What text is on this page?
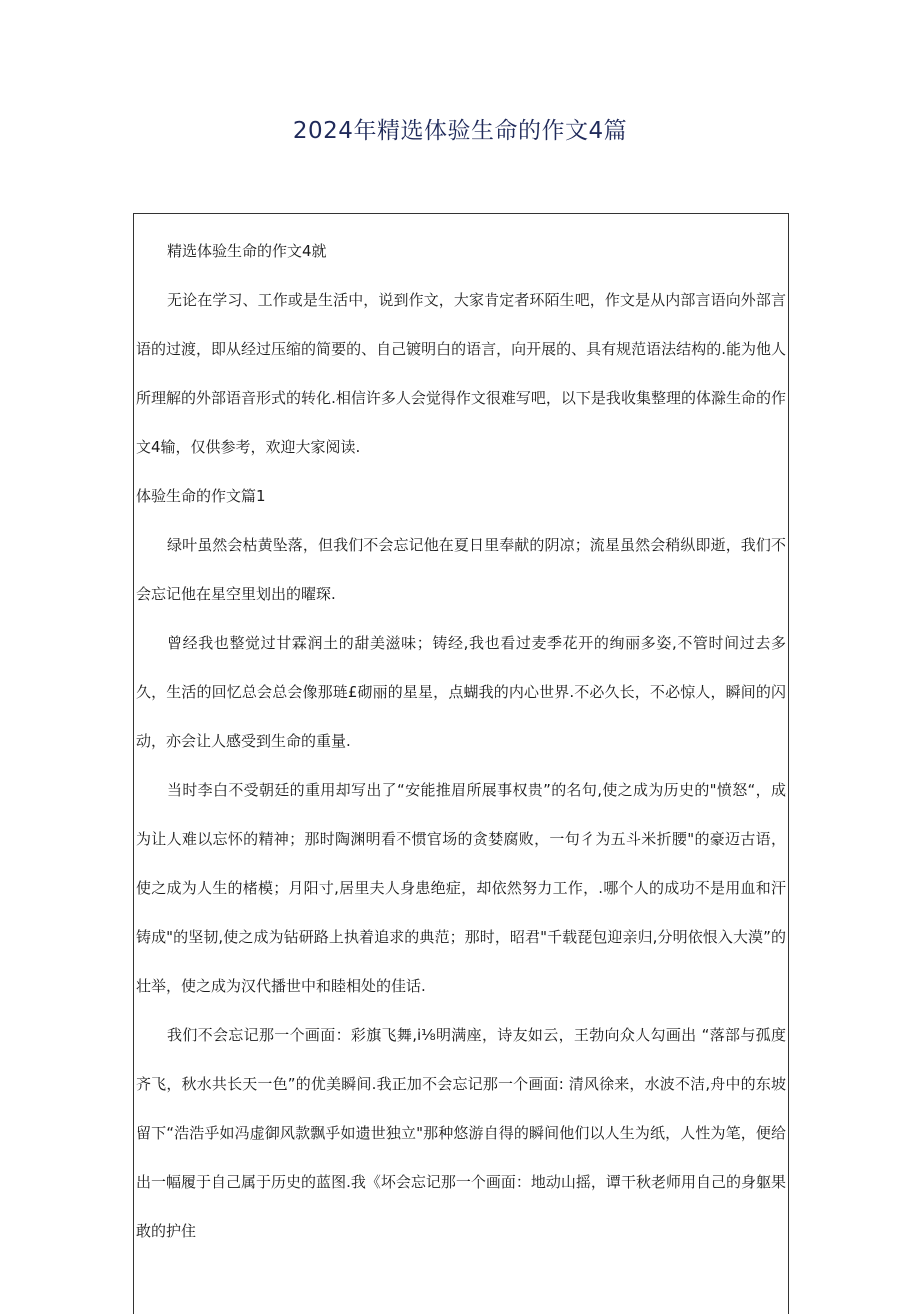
2024年精选体验生命的作文4篇

精选体验生命的作文4就

无论在学习、工作或是生活中，说到作文，大家肯定者环陌生吧，作文是从内部言语向外部言语的过渡，即从经过压缩的简要的、自己镀明白的语言，向开展的、具有规范语法结构的.能为他人所理解的外部语音形式的转化.相信许多人会觉得作文很难写吧，以下是我收集整理的体滁生命的作文4输，仅供参考，欢迎大家阅读.

体验生命的作文篇1

绿叶虽然会枯黄坠落，但我们不会忘记他在夏日里奉献的阴凉；流星虽然会稍纵即逝，我们不会忘记他在星空里划出的曜琛.

曾经我也整觉过甘霖润土的甜美滋味；铸经,我也看过麦季花开的绚丽多姿,不管时间过去多久，生活的回忆总会总会像那琏£砌丽的星星，点蝴我的内心世界.不必久长，不必惊人，瞬间的闪动，亦会让人感受到生命的重量.

当时李白不受朝廷的重用却写出了“安能推眉所展事权贵”的名句,使之成为历史的"愤怒“，成为让人难以忘怀的精神；那时陶渊明看不惯官场的贪婪腐败，一句彳为五斗米折腰"的豪迈古语，使之成为人生的楮模；月阳寸,居里夫人身患绝症，却依然努力工作，.哪个人的成功不是用血和汗铸成"的坚韧,使之成为钻研路上执着追求的典范；那时，昭君"千载琵包迎亲归,分明依恨入大漠”的壮举，使之成为汉代播世中和睦相处的佳话.

我们不会忘记那一个画面：彩旗飞舞,i⅛明满座，诗友如云，王勃向众人勾画出 “落部与孤度齐飞，秋水共长天一色”的优美瞬间.我正加不会忘记那一个画面: 清风徐来，水波不洁,舟中的东坡留下“浩浩乎如冯虚御风款飘乎如遗世独立"那种悠游自得的瞬间他们以人生为纸，人性为笔，便给出一幅履于自己属于历史的蓝图.我《坏会忘记那一个画面：地动山摇，谭干秋老师用自己的身躯果敢的护住
